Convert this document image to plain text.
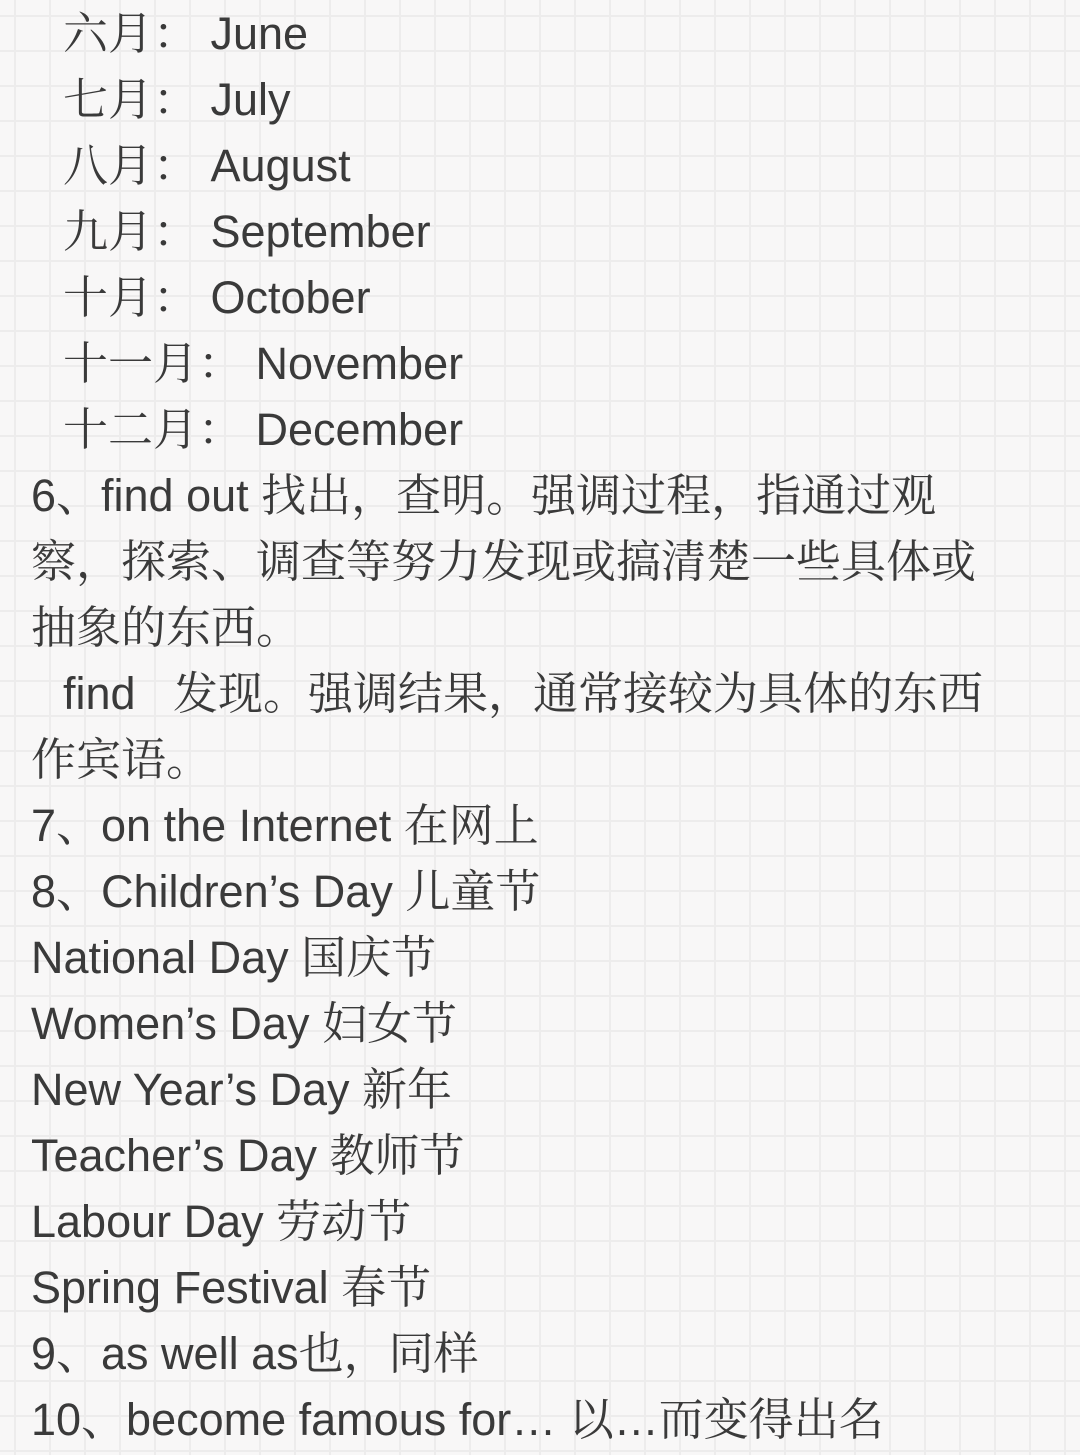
六月： June
七月： July
八月： August
九月： September
十月： October
十一月： November
十二月： December
6、find out 找出，查明。强调过程，指通过观
察，探索、调查等努力发现或搞清楚一些具体或
抽象的东西。
find   发现。强调结果，通常接较为具体的东西
作宾语。
7、on the Internet 在网上
8、Children’s Day 儿童节
National Day 国庆节
Women’s Day 妇女节
New Year’s Day 新年
Teacher’s Day 教师节
Labour Day 劳动节
Spring Festival 春节
9、as well as也，同样
10、become famous for… 以…而变得出名
